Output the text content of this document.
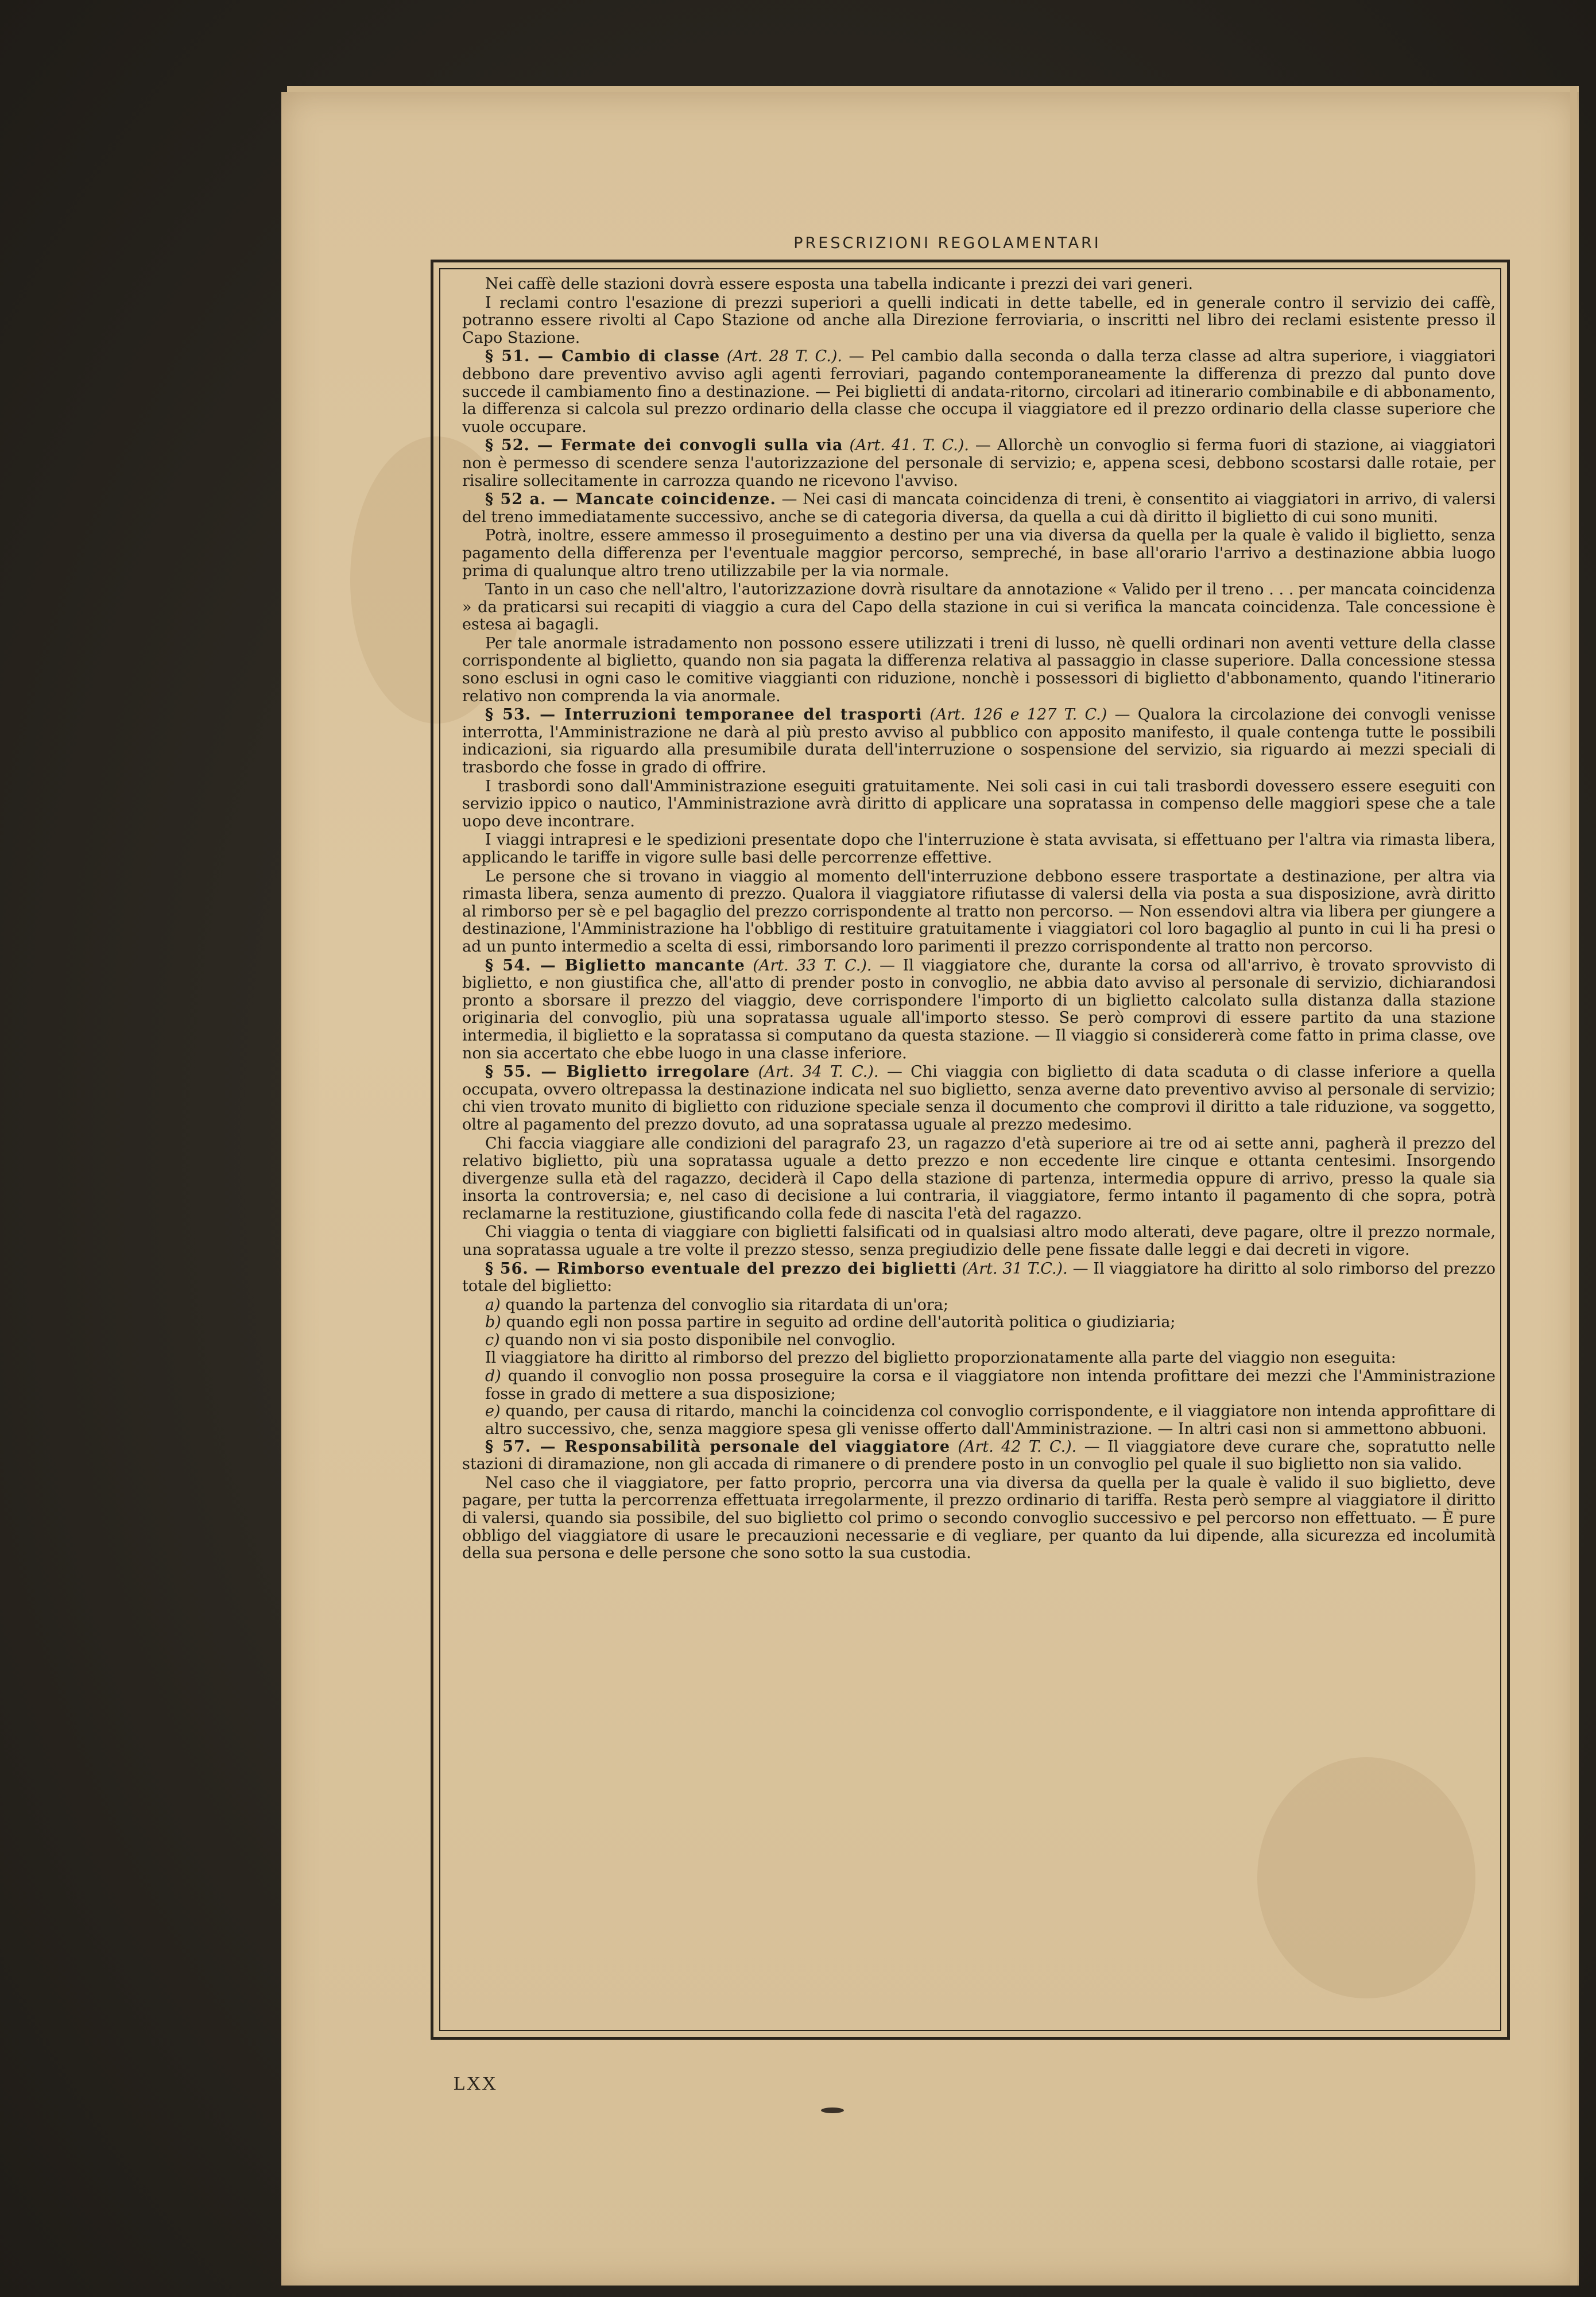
PRESCRIZIONI REGOLAMENTARI

Nei caffè delle stazioni dovrà essere esposta una tabella indicante i prezzi dei vari generi.

I reclami contro l'esazione di prezzi superiori a quelli indicati in dette tabelle, ed in generale contro il servizio dei caffè, potranno essere rivolti al Capo Stazione od anche alla Direzione ferroviaria, o inscritti nel libro dei reclami esistente presso il Capo Stazione.

§ 51. — Cambio di classe (Art. 28 T. C.). — Pel cambio dalla seconda o dalla terza classe ad altra superiore, i viaggiatori debbono dare preventivo avviso agli agenti ferroviari, pagando contemporaneamente la differenza di prezzo dal punto dove succede il cambiamento fino a destinazione. — Pei biglietti di andata-ritorno, circolari ad itinerario combinabile e di abbonamento, la differenza si calcola sul prezzo ordinario della classe che occupa il viaggiatore ed il prezzo ordinario della classe superiore che vuole occupare.

§ 52. — Fermate dei convogli sulla via (Art. 41. T. C.). — Allorchè un convoglio si ferma fuori di stazione, ai viaggiatori non è permesso di scendere senza l'autorizzazione del personale di servizio; e, appena scesi, debbono scostarsi dalle rotaie, per risalire sollecitamente in carrozza quando ne ricevono l'avviso.

§ 52 a. — Mancate coincidenze. — Nei casi di mancata coincidenza di treni, è consentito ai viaggiatori in arrivo, di valersi del treno immediatamente successivo, anche se di categoria diversa, da quella a cui dà diritto il biglietto di cui sono muniti.

Potrà, inoltre, essere ammesso il proseguimento a destino per una via diversa da quella per la quale è valido il biglietto, senza pagamento della differenza per l'eventuale maggior percorso, sempreché, in base all'orario l'arrivo a destinazione abbia luogo prima di qualunque altro treno utilizzabile per la via normale.

Tanto in un caso che nell'altro, l'autorizzazione dovrà risultare da annotazione « Valido per il treno . . . per mancata coincidenza » da praticarsi sui recapiti di viaggio a cura del Capo della stazione in cui si verifica la mancata coincidenza. Tale concessione è estesa ai bagagli.

Per tale anormale istradamento non possono essere utilizzati i treni di lusso, nè quelli ordinari non aventi vetture della classe corrispondente al biglietto, quando non sia pagata la differenza relativa al passaggio in classe superiore. Dalla concessione stessa sono esclusi in ogni caso le comitive viaggianti con riduzione, nonchè i possessori di biglietto d'abbonamento, quando l'itinerario relativo non comprenda la via anormale.

§ 53. — Interruzioni temporanee del trasporti (Art. 126 e 127 T. C.) — Qualora la circolazione dei convogli venisse interrotta, l'Amministrazione ne darà al più presto avviso al pubblico con apposito manifesto, il quale contenga tutte le possibili indicazioni, sia riguardo alla presumibile durata dell'interruzione o sospensione del servizio, sia riguardo ai mezzi speciali di trasbordo che fosse in grado di offrire.

I trasbordi sono dall'Amministrazione eseguiti gratuitamente. Nei soli casi in cui tali trasbordi dovessero essere eseguiti con servizio ippico o nautico, l'Amministrazione avrà diritto di applicare una sopratassa in compenso delle maggiori spese che a tale uopo deve incontrare.

I viaggi intrapresi e le spedizioni presentate dopo che l'interruzione è stata avvisata, si effettuano per l'altra via rimasta libera, applicando le tariffe in vigore sulle basi delle percorrenze effettive.

Le persone che si trovano in viaggio al momento dell'interruzione debbono essere trasportate a destinazione, per altra via rimasta libera, senza aumento di prezzo. Qualora il viaggiatore rifiutasse di valersi della via posta a sua disposizione, avrà diritto al rimborso per sè e pel bagaglio del prezzo corrispondente al tratto non percorso. — Non essendovi altra via libera per giungere a destinazione, l'Amministrazione ha l'obbligo di restituire gratuitamente i viaggiatori col loro bagaglio al punto in cui li ha presi o ad un punto intermedio a scelta di essi, rimborsando loro parimenti il prezzo corrispondente al tratto non percorso.

§ 54. — Biglietto mancante (Art. 33 T. C.). — Il viaggiatore che, durante la corsa od all'arrivo, è trovato sprovvisto di biglietto, e non giustifica che, all'atto di prender posto in convoglio, ne abbia dato avviso al personale di servizio, dichiarandosi pronto a sborsare il prezzo del viaggio, deve corrispondere l'importo di un biglietto calcolato sulla distanza dalla stazione originaria del convoglio, più una sopratassa uguale all'importo stesso. Se però comprovi di essere partito da una stazione intermedia, il biglietto e la sopratassa si computano da questa stazione. — Il viaggio si considererà come fatto in prima classe, ove non sia accertato che ebbe luogo in una classe inferiore.

§ 55. — Biglietto irregolare (Art. 34 T. C.). — Chi viaggia con biglietto di data scaduta o di classe inferiore a quella occupata, ovvero oltrepassa la destinazione indicata nel suo biglietto, senza averne dato preventivo avviso al personale di servizio; chi vien trovato munito di biglietto con riduzione speciale senza il documento che comprovi il diritto a tale riduzione, va soggetto, oltre al pagamento del prezzo dovuto, ad una sopratassa uguale al prezzo medesimo.

Chi faccia viaggiare alle condizioni del paragrafo 23, un ragazzo d'età superiore ai tre od ai sette anni, pagherà il prezzo del relativo biglietto, più una sopratassa uguale a detto prezzo e non eccedente lire cinque e ottanta centesimi. Insorgendo divergenze sulla età del ragazzo, deciderà il Capo della stazione di partenza, intermedia oppure di arrivo, presso la quale sia insorta la controversia; e, nel caso di decisione a lui contraria, il viaggiatore, fermo intanto il pagamento di che sopra, potrà reclamarne la restituzione, giustificando colla fede di nascita l'età del ragazzo.

Chi viaggia o tenta di viaggiare con biglietti falsificati od in qualsiasi altro modo alterati, deve pagare, oltre il prezzo normale, una sopratassa uguale a tre volte il prezzo stesso, senza pregiudizio delle pene fissate dalle leggi e dai decreti in vigore.

§ 56. — Rimborso eventuale del prezzo dei biglietti (Art. 31 T.C.). — Il viaggiatore ha diritto al solo rimborso del prezzo totale del biglietto:

a) quando la partenza del convoglio sia ritardata di un'ora;

b) quando egli non possa partire in seguito ad ordine dell'autorità politica o giudiziaria;

c) quando non vi sia posto disponibile nel convoglio.

Il viaggiatore ha diritto al rimborso del prezzo del biglietto proporzionatamente alla parte del viaggio non eseguita:

d) quando il convoglio non possa proseguire la corsa e il viaggiatore non intenda profittare dei mezzi che l'Amministrazione fosse in grado di mettere a sua disposizione;

e) quando, per causa di ritardo, manchi la coincidenza col convoglio corrispondente, e il viaggiatore non intenda approfittare di altro successivo, che, senza maggiore spesa gli venisse offerto dall'Amministrazione. — In altri casi non si ammettono abbuoni.

§ 57. — Responsabilità personale del viaggiatore (Art. 42 T. C.). — Il viaggiatore deve curare che, sopratutto nelle stazioni di diramazione, non gli accada di rimanere o di prendere posto in un convoglio pel quale il suo biglietto non sia valido.

Nel caso che il viaggiatore, per fatto proprio, percorra una via diversa da quella per la quale è valido il suo biglietto, deve pagare, per tutta la percorrenza effettuata irregolarmente, il prezzo ordinario di tariffa. Resta però sempre al viaggiatore il diritto di valersi, quando sia possibile, del suo biglietto col primo o secondo convoglio successivo e pel percorso non effettuato. — È pure obbligo del viaggiatore di usare le precauzioni necessarie e di vegliare, per quanto da lui dipende, alla sicurezza ed incolumità della sua persona e delle persone che sono sotto la sua custodia.

LXX
